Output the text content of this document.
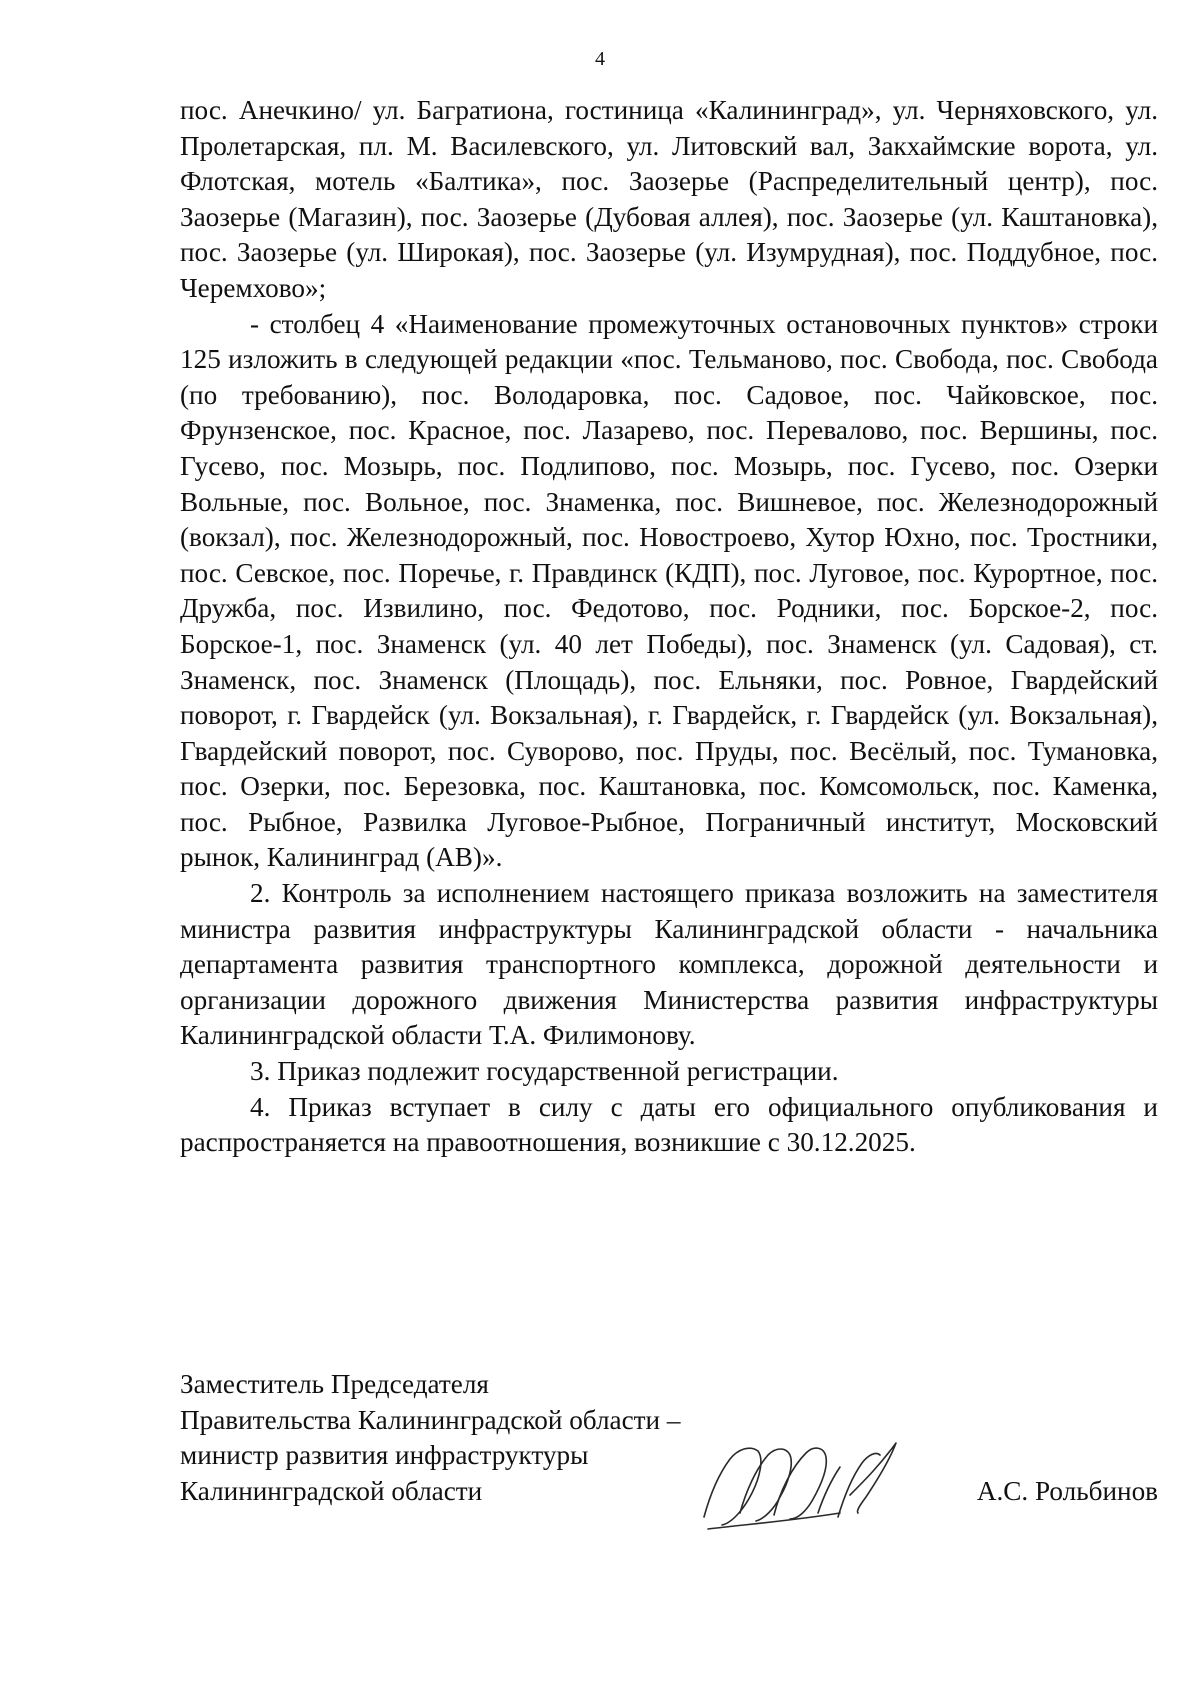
4

пос. Анечкино/ ул. Багратиона, гостиница «Калининград», ул. Черняховского, ул. Пролетарская, пл. М. Василевского, ул. Литовский вал, Закхаймские ворота, ул. Флотская, мотель «Балтика», пос. Заозерье (Распределительный центр), пос. Заозерье (Магазин), пос. Заозерье (Дубовая аллея), пос. Заозерье (ул. Каштановка), пос. Заозерье (ул. Широкая), пос. Заозерье (ул. Изумрудная), пос. Поддубное, пос. Черемхово»;

- столбец 4 «Наименование промежуточных остановочных пунктов» строки 125 изложить в следующей редакции «пос. Тельманово, пос. Свобода, пос. Свобода (по требованию), пос. Володаровка, пос. Садовое, пос. Чайковское, пос. Фрунзенское, пос. Красное, пос. Лазарево, пос. Перевалово, пос. Вершины, пос. Гусево, пос. Мозырь, пос. Подлипово, пос. Мозырь, пос. Гусево, пос. Озерки Вольные, пос. Вольное, пос. Знаменка, пос. Вишневое, пос. Железнодорожный (вокзал), пос. Железнодорожный, пос. Новостроево, Хутор Юхно, пос. Тростники, пос. Севское, пос. Поречье, г. Правдинск (КДП), пос. Луговое, пос. Курортное, пос. Дружба, пос. Извилино, пос. Федотово, пос. Родники, пос. Борское-2, пос. Борское-1, пос. Знаменск (ул. 40 лет Победы), пос. Знаменск (ул. Садовая), ст. Знаменск, пос. Знаменск (Площадь), пос. Ельняки, пос. Ровное, Гвардейский поворот, г. Гвардейск (ул. Вокзальная), г. Гвардейск, г. Гвардейск (ул. Вокзальная), Гвардейский поворот, пос. Суворово, пос. Пруды, пос. Весёлый, пос. Тумановка, пос. Озерки, пос. Березовка, пос. Каштановка, пос. Комсомольск, пос. Каменка, пос. Рыбное, Развилка Луговое-Рыбное, Пограничный институт, Московский рынок, Калининград (АВ)».

2. Контроль за исполнением настоящего приказа возложить на заместителя министра развития инфраструктуры Калининградской области - начальника департамента развития транспортного комплекса, дорожной деятельности и организации дорожного движения Министерства развития инфраструктуры Калининградской области Т.А. Филимонову.

3. Приказ подлежит государственной регистрации.

4. Приказ вступает в силу с даты его официального опубликования и распространяется на правоотношения, возникшие с 30.12.2025.

Заместитель Председателя
Правительства Калининградской области –
министр развития инфраструктуры
Калининградской области	А.С. Рольбинов
